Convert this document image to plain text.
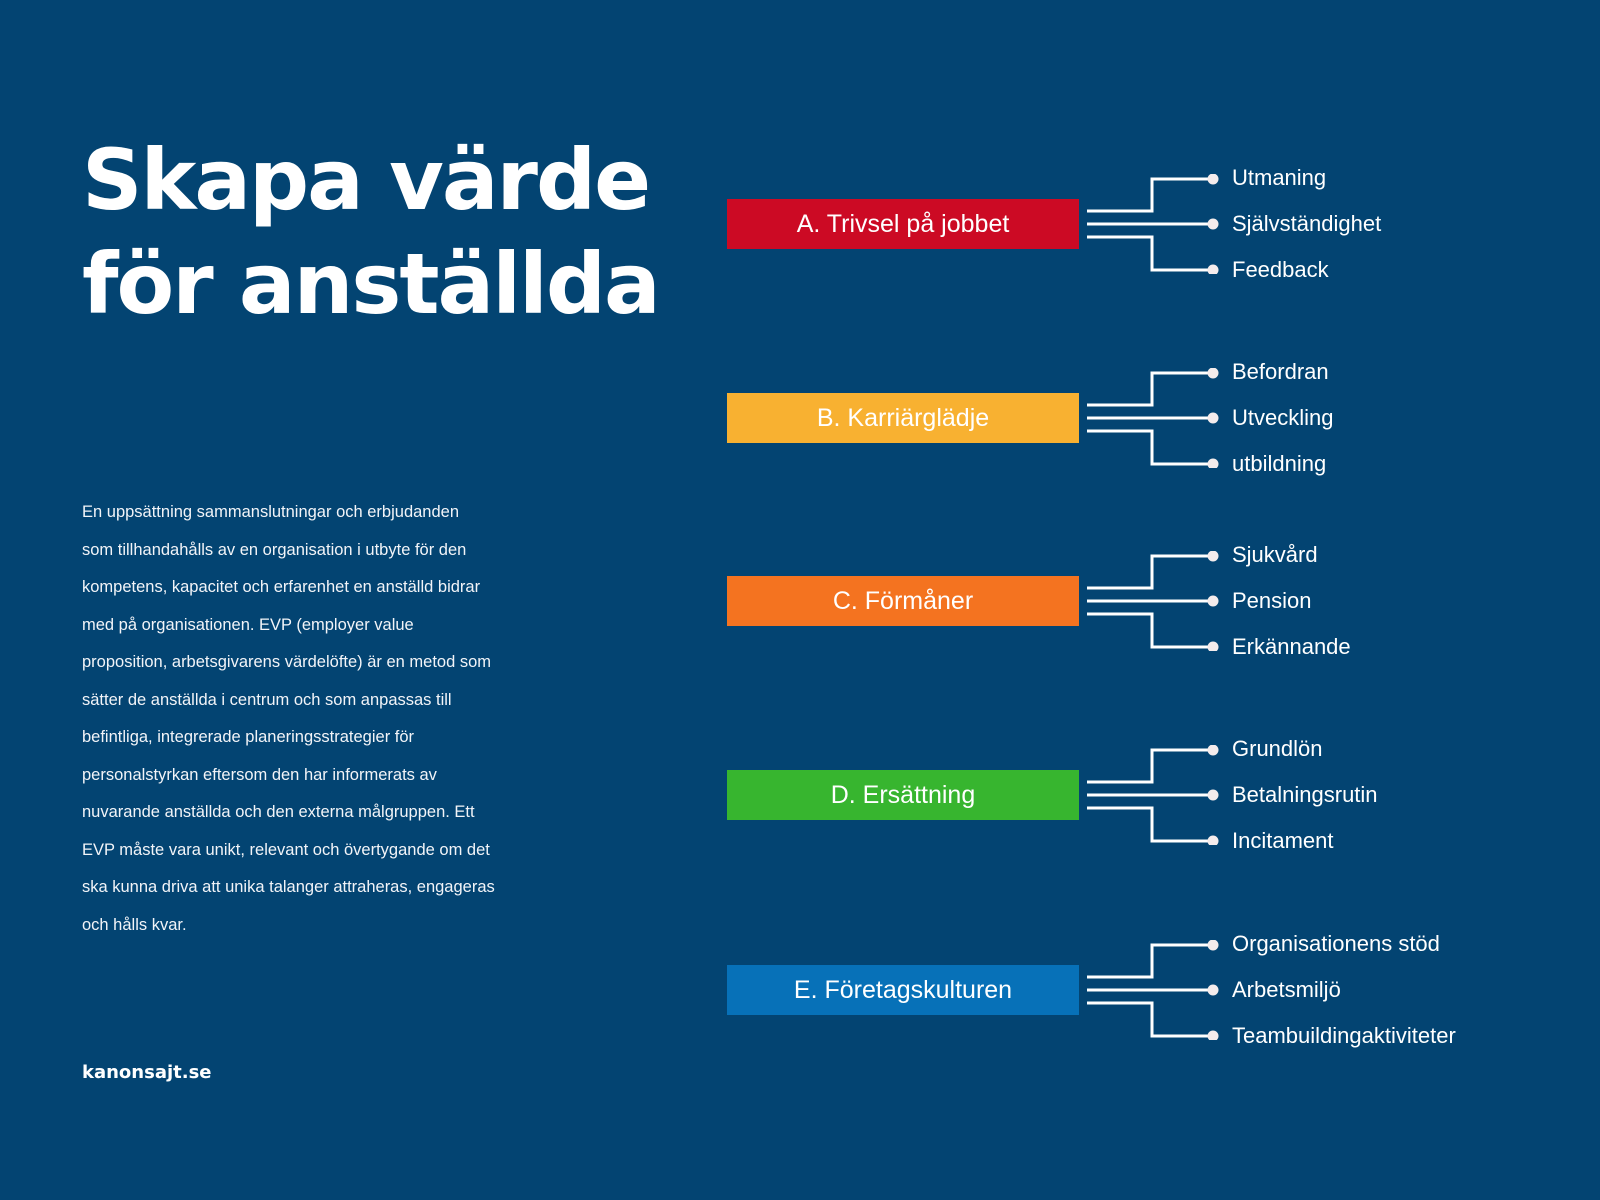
Skapa värde
för anställda

En uppsättning sammanslutningar och erbjudanden
som tillhandahålls av en organisation i utbyte för den
kompetens, kapacitet och erfarenhet en anställd bidrar
med på organisationen. EVP (employer value
proposition, arbetsgivarens värdelöfte) är en metod som
sätter de anställda i centrum och som anpassas till
befintliga, integrerade planeringsstrategier för
personalstyrkan eftersom den har informerats av
nuvarande anställda och den externa målgruppen. Ett
EVP måste vara unikt, relevant och övertygande om det
ska kunna driva att unika talanger attraheras, engageras
och hålls kvar.

kanonsajt.se
A. Trivsel på jobbet
Utmaning
Självständighet
Feedback
B. Karriärglädje
Befordran
Utveckling
utbildning
C. Förmåner
Sjukvård
Pension
Erkännande
D. Ersättning
Grundlön
Betalningsrutin
Incitament
E. Företagskulturen
Organisationens stöd
Arbetsmiljö
Teambuildingaktiviteter
